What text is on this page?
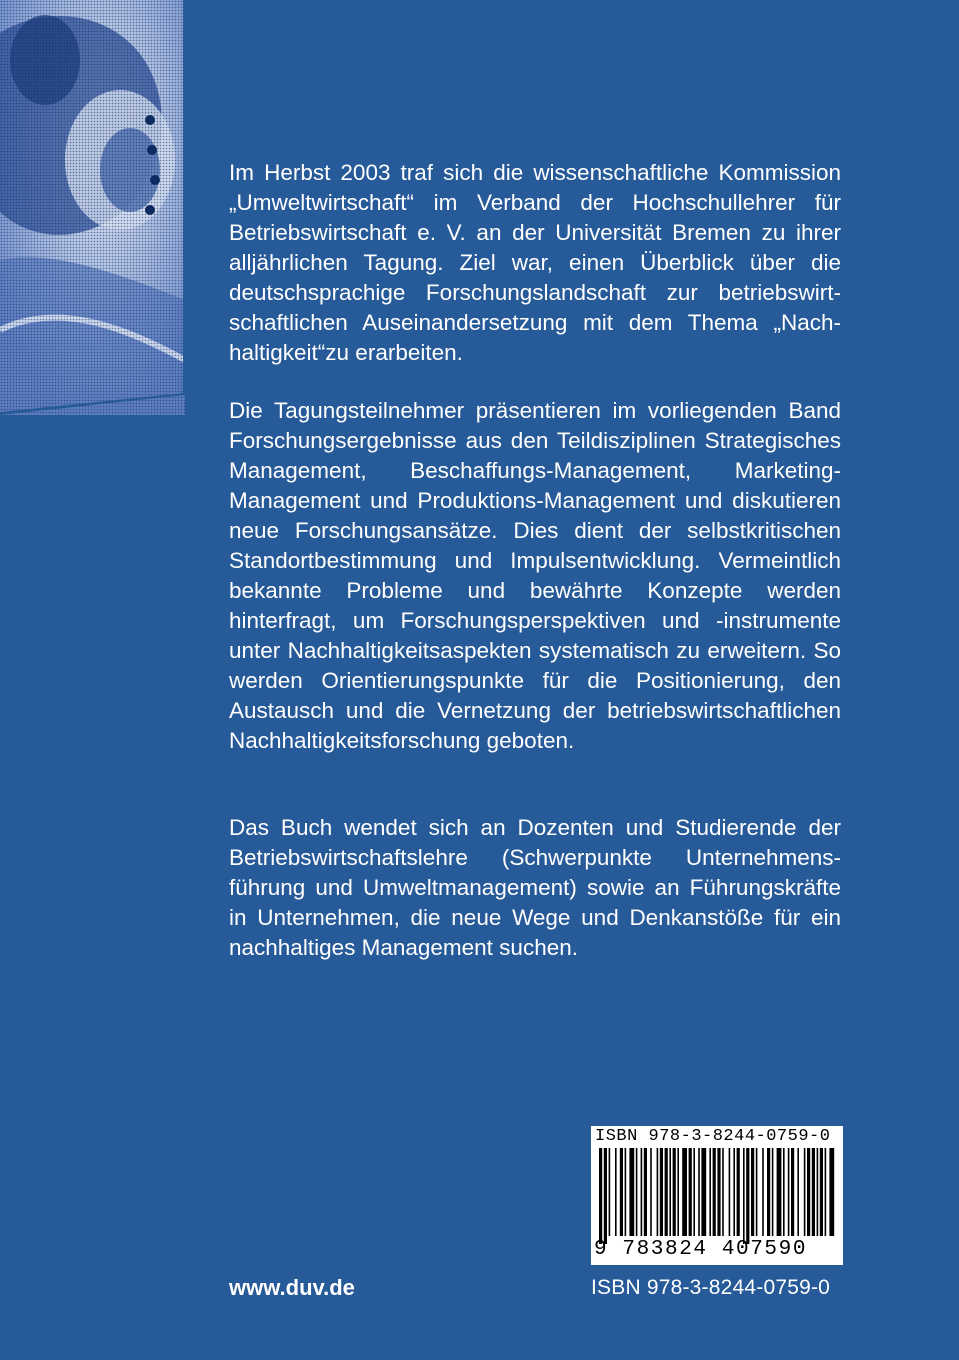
Im Herbst 2003 traf sich die wissenschaftliche Kommission „Umweltwirtschaft“ im Verband der Hochschullehrer für Betriebswirtschaft e. V. an der Universität Bremen zu ihrer alljährlichen Tagung. Ziel war, einen Überblick über die deutschsprachige Forschungslandschaft zur betriebswirtschaftlichen Auseinandersetzung mit dem Thema „Nachhaltigkeit“zu erarbeiten.

Die Tagungsteilnehmer präsentieren im vorliegenden Band Forschungsergebnisse aus den Teildisziplinen Strategisches Management, Beschaffungs-Management, Marketing-Management und Produktions-Management und diskutieren neue Forschungsansätze. Dies dient der selbstkritischen Standortbestimmung und Impulsentwicklung. Vermeintlich bekannte Probleme und bewährte Konzepte werden hinterfragt, um Forschungsperspektiven und -instrumente unter Nachhaltigkeitsaspekten systematisch zu erweitern. So werden Orientierungspunkte für die Positionierung, den Austausch und die Vernetzung der betriebswirtschaftlichen Nachhaltigkeitsforschung geboten.

Das Buch wendet sich an Dozenten und Studierende der Betriebswirtschaftslehre (Schwerpunkte Unternehmensführung und Umweltmanagement) sowie an Führungskräfte in Unternehmen, die neue Wege und Denkanstöße für ein nachhaltiges Management suchen.

ISBN 978-3-8244-0759-0
9 783824 407590
www.duv.de	ISBN 978-3-8244-0759-0
